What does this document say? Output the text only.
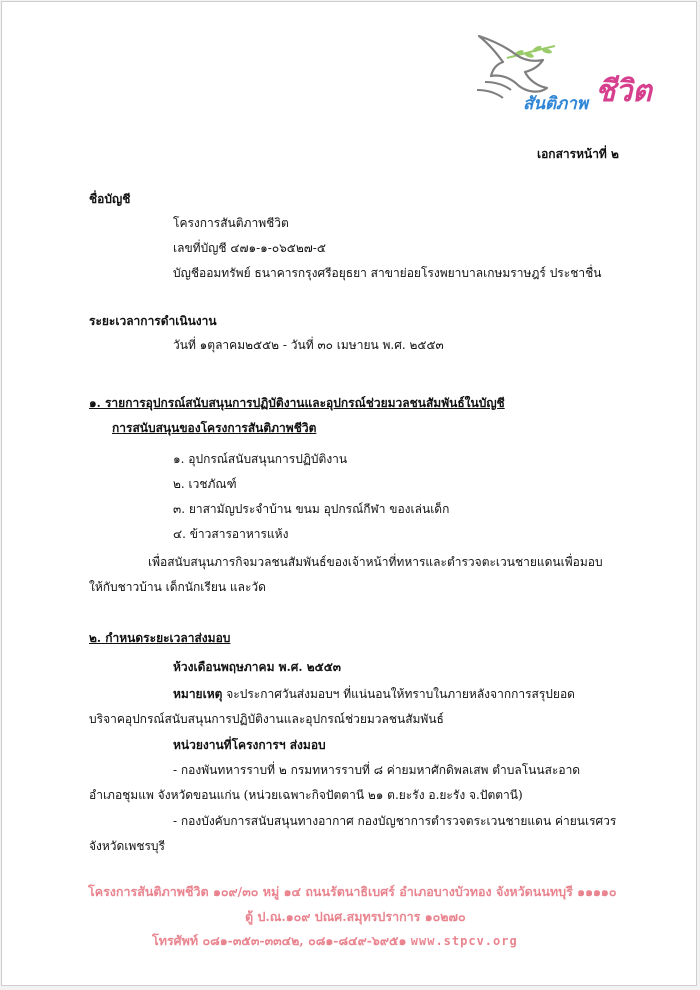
สันติภาพ ชีวิต
เอกสารหน้าที่ ๒
ชื่อบัญชี
โครงการสันติภาพชีวิต
เลขที่บัญชี ๔๗๑-๑-๐๖๕๒๗-๕
บัญชีออมทรัพย์ ธนาคารกรุงศรีอยุธยา สาขาย่อยโรงพยาบาลเกษมราษฎร์ ประชาชื่น
ระยะเวลาการดำเนินงาน
วันที่ ๑ตุลาคม๒๕๕๒ - วันที่ ๓๐ เมษายน พ.ศ. ๒๕๕๓
๑. รายการอุปกรณ์สนับสนุนการปฏิบัติงานและอุปกรณ์ช่วยมวลชนสัมพันธ์ในบัญชี
การสนับสนุนของโครงการสันติภาพชีวิต
๑. อุปกรณ์สนับสนุนการปฏิบัติงาน
๒. เวชภัณฑ์
๓. ยาสามัญประจำบ้าน ขนม อุปกรณ์กีฬา ของเล่นเด็ก
๔. ข้าวสารอาหารแห้ง
เพื่อสนับสนุนภารกิจมวลชนสัมพันธ์ของเจ้าหน้าที่ทหารและตำรวจตะเวนชายแดนเพื่อมอบ
ให้กับชาวบ้าน เด็กนักเรียน และวัด
๒. กำหนดระยะเวลาส่งมอบ
ห้วงเดือนพฤษภาคม พ.ศ. ๒๕๕๓
หมายเหตุ จะประกาศวันส่งมอบฯ ที่แน่นอนให้ทราบในภายหลังจากการสรุปยอด
บริจาคอุปกรณ์สนับสนุนการปฏิบัติงานและอุปกรณ์ช่วยมวลชนสัมพันธ์
หน่วยงานที่โครงการฯ ส่งมอบ
- กองพันทหารราบที่ ๒ กรมทหารราบที่ ๘ ค่ายมหาศักดิพลเสพ ตำบลโนนสะอาด
อำเภอชุมแพ จังหวัดขอนแก่น (หน่วยเฉพาะกิจปัตตานี ๒๑ ต.ยะรัง อ.ยะรัง จ.ปัตตานี)
- กองบังคับการสนับสนุนทางอากาศ กองบัญชาการตำรวจตระเวนชายแดน ค่ายนเรศวร
จังหวัดเพชรบุรี
โครงการสันติภาพชีวิต ๑๐๙/๓๐ หมู่ ๑๔ ถนนรัตนาธิเบศร์ อำเภอบางบัวทอง จังหวัดนนทบุรี ๑๑๑๑๐
ตู้ ป.ณ.๑๐๙ ปณศ.สมุทรปราการ ๑๐๒๗๐
โทรศัพท์ ๐๘๑-๓๕๓-๓๓๔๒, ๐๘๑-๘๔๙-๖๙๕๑ www.stpcv.org
